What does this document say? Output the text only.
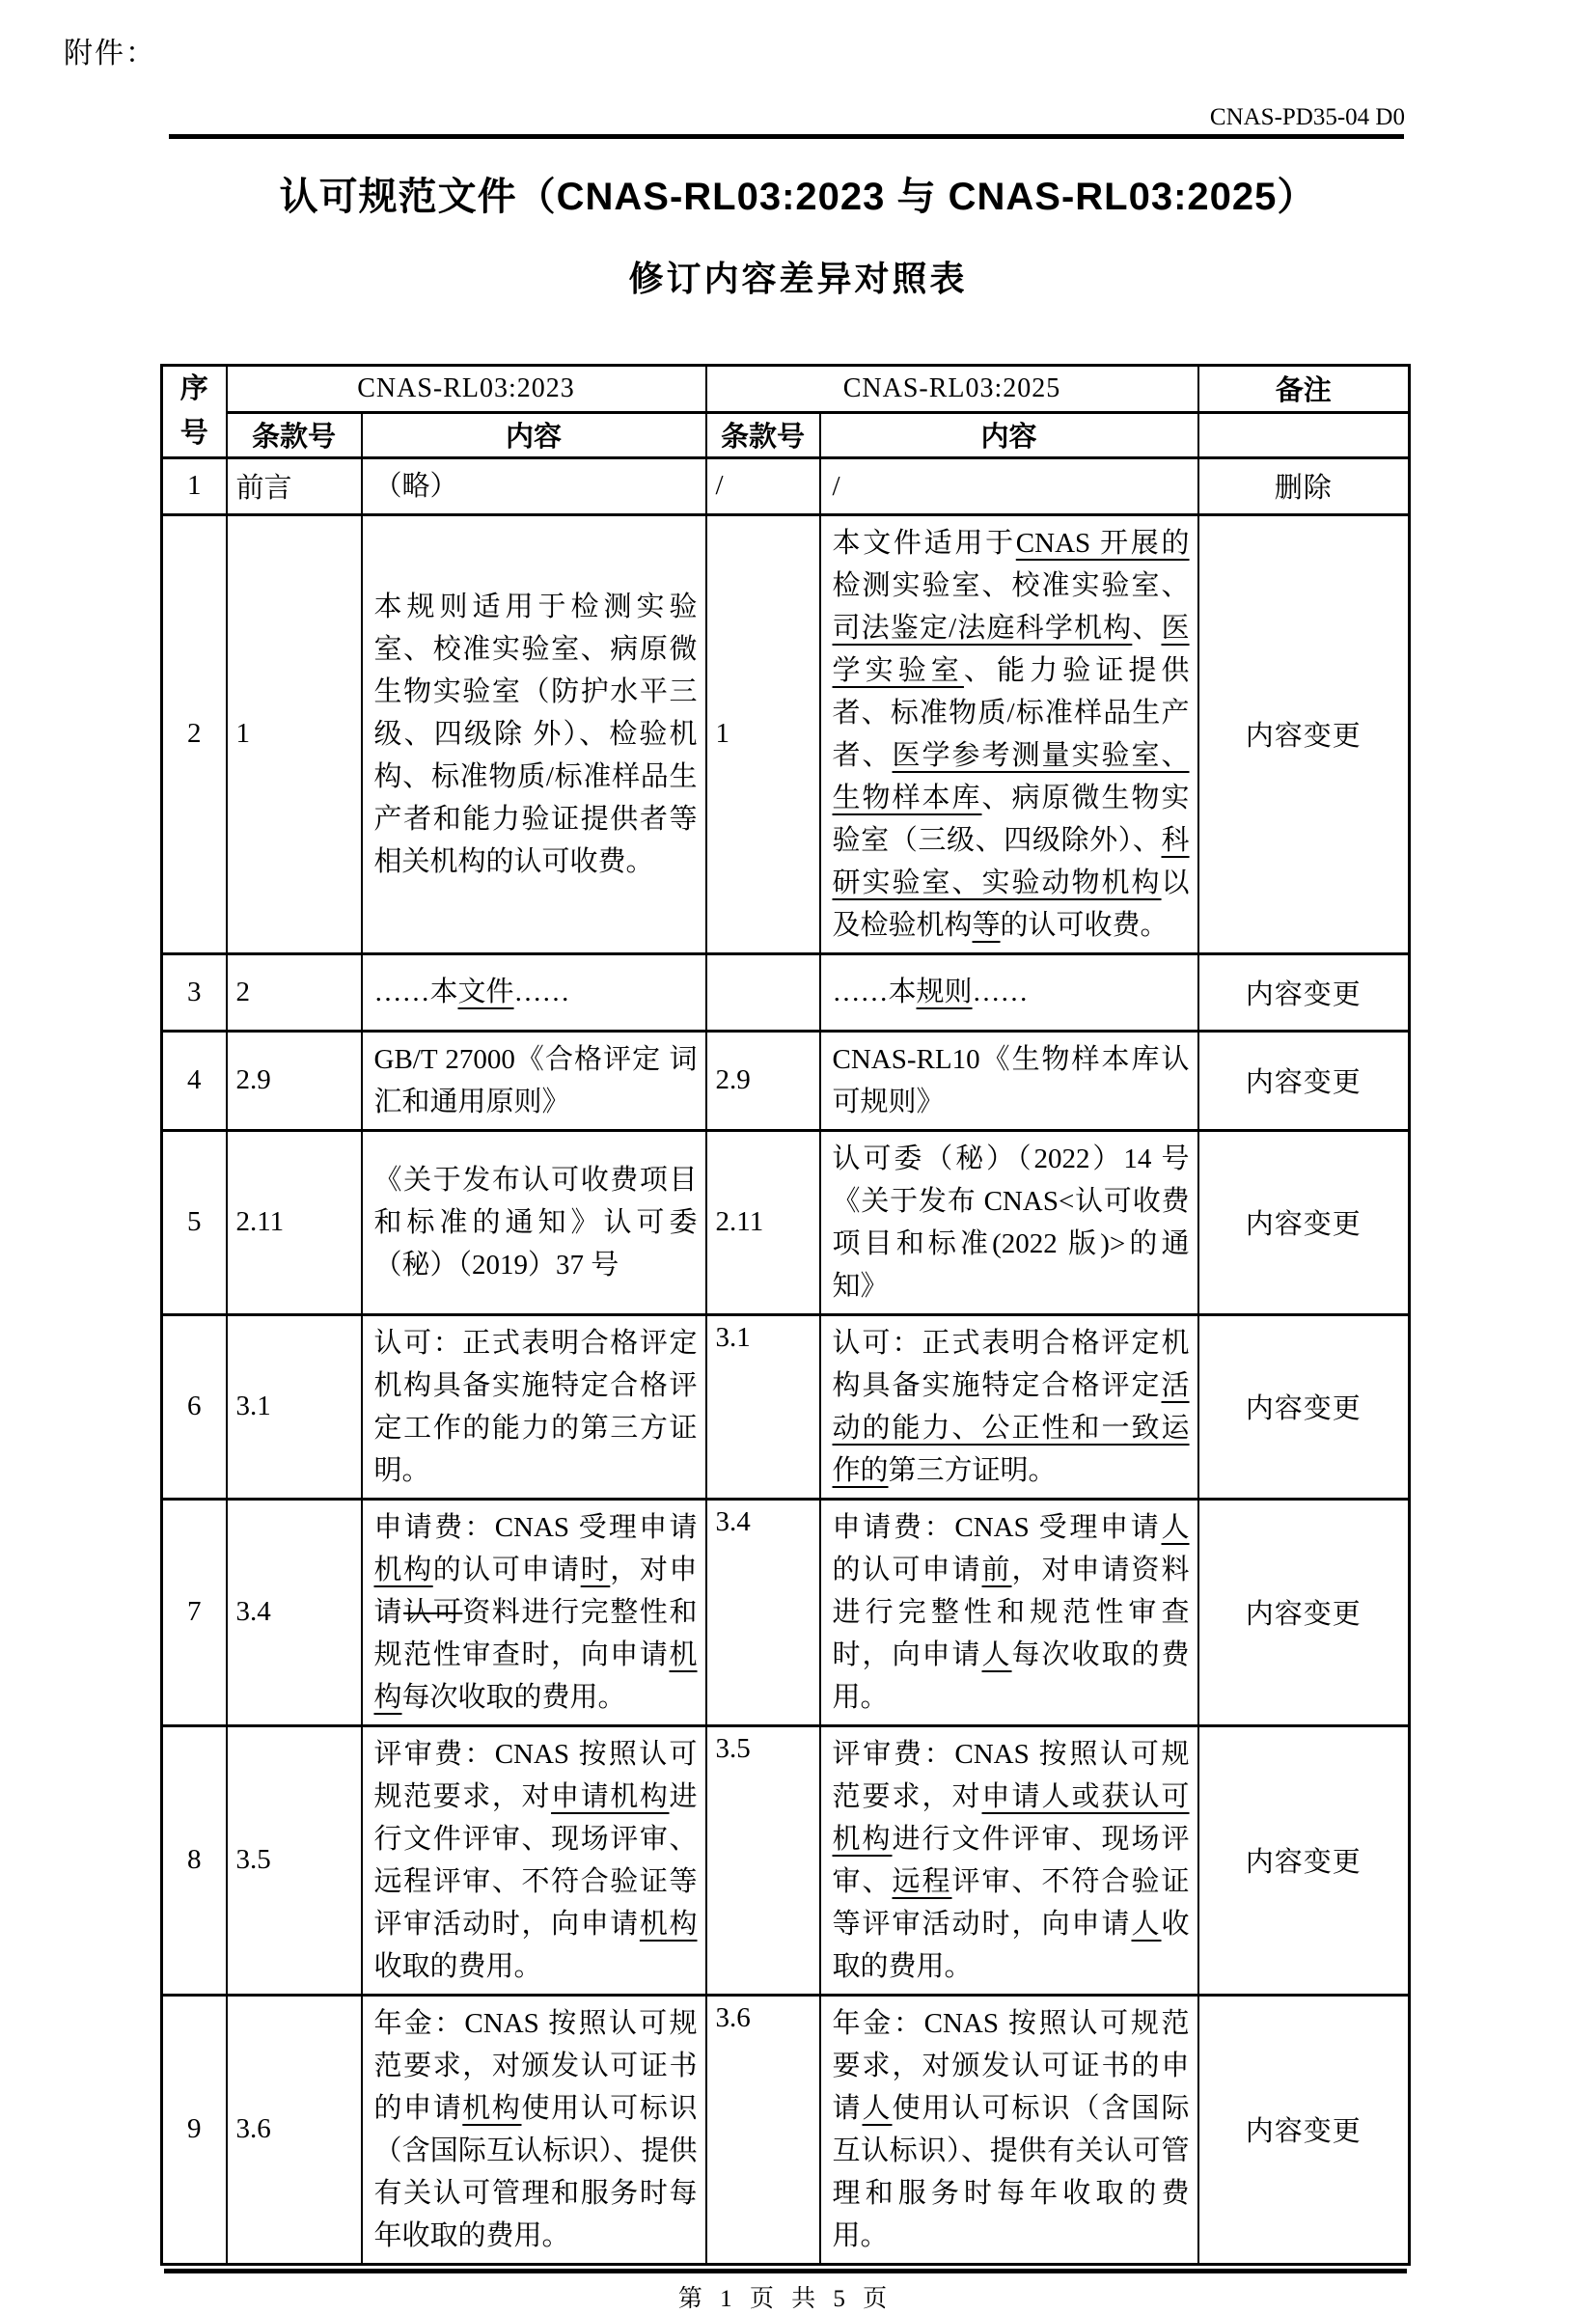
附件：
CNAS-PD35-04 D0
认可规范文件（CNAS-RL03:2023 与 CNAS-RL03:2025）
修订内容差异对照表
序号	CNAS-RL03:2023		CNAS-RL03:2025		备注
	条款号	内容	条款号	内容	
1	前言	（略）	/	/	删除
2	1	本规则适用于检测实验室、校准实验室、病原微生物实验室（防护水平三级、四级除 外）、检验机构、标准物质/标准样品生产者和能力验证提供者等相关机构的认可收费。	1	本文件适用于CNAS 开展的检测实验室、校准实验室、司法鉴定/法庭科学机构、医学实验室、能力验证提供者、标准物质/标准样品生产者、医学参考测量实验室、生物样本库、病原微生物实验室（三级、四级除外）、科研实验室、实验动物机构以及检验机构等的认可收费。	内容变更
3	2	……本文件……		……本规则……	内容变更
4	2.9	GB/T 27000《合格评定 词汇和通用原则》	2.9	CNAS-RL10《生物样本库认可规则》	内容变更
5	2.11	《关于发布认可收费项目和标准的通知》认可委（秘）（2019）37 号	2.11	认可委（秘）（2022）14 号《关于发布 CNAS<认可收费项目和标准(2022 版)>的通知》	内容变更
6	3.1	认可：正式表明合格评定机构具备实施特定合格评定工作的能力的第三方证明。	3.1	认可：正式表明合格评定机构具备实施特定合格评定活动的能力、公正性和一致运作的第三方证明。	内容变更
7	3.4	申请费：CNAS 受理申请机构的认可申请时，对申请认可资料进行完整性和规范性审查时，向申请机构每次收取的费用。	3.4	申请费：CNAS 受理申请人的认可申请前，对申请资料进行完整性和规范性审查时，向申请人每次收取的费用。	内容变更
8	3.5	评审费：CNAS 按照认可规范要求，对申请机构进行文件评审、现场评审、远程评审、不符合验证等评审活动时，向申请机构收取的费用。	3.5	评审费：CNAS 按照认可规范要求，对申请人或获认可机构进行文件评审、现场评审、远程评审、不符合验证等评审活动时，向申请人收取的费用。	内容变更
9	3.6	年金：CNAS 按照认可规范要求，对颁发认可证书的申请机构使用认可标识（含国际互认标识）、提供有关认可管理和服务时每年收取的费用。	3.6	年金：CNAS 按照认可规范要求，对颁发认可证书的申请人使用认可标识（含国际互认标识）、提供有关认可管理和服务时每年收取的费用。	内容变更
第 1 页 共 5 页
